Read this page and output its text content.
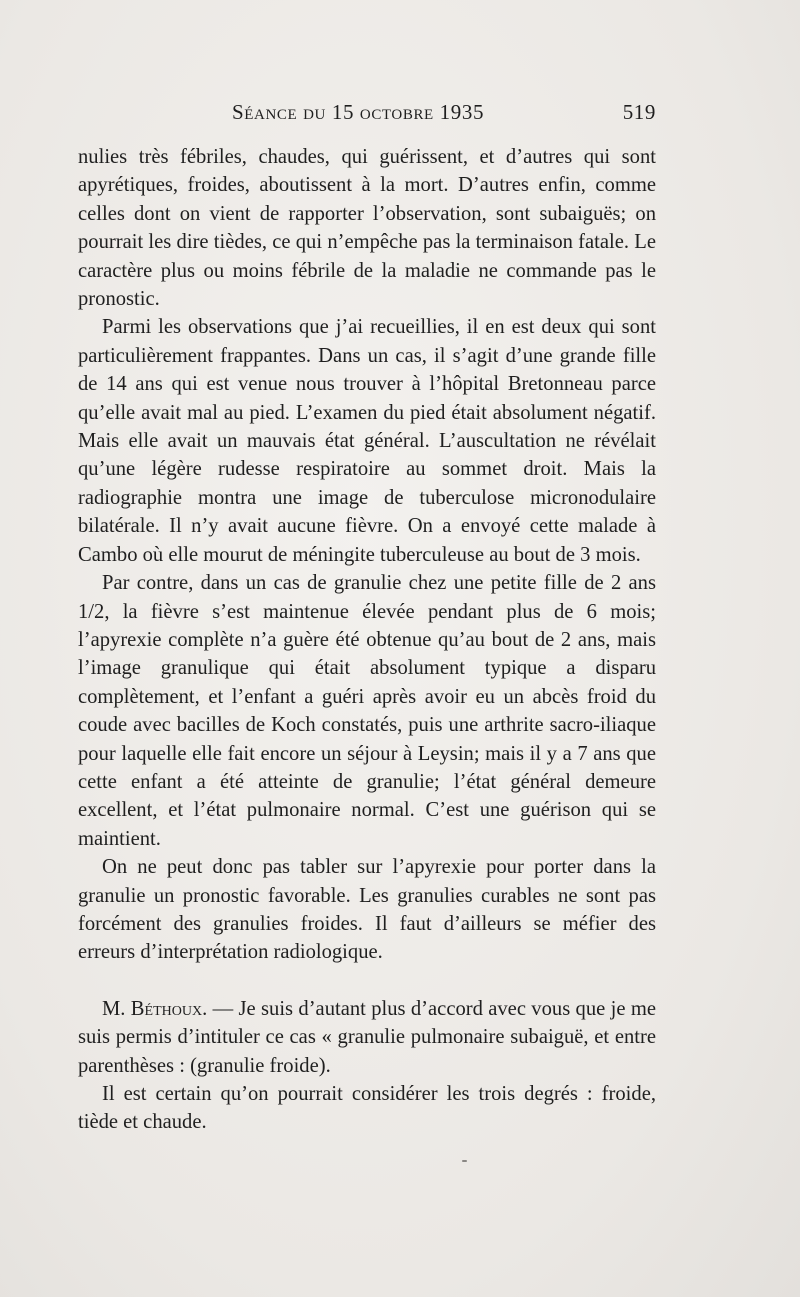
Séance du 15 octobre 1935	519

nulies très fébriles, chaudes, qui guérissent, et d’autres qui sont apyrétiques, froides, aboutissent à la mort. D’autres enfin, comme celles dont on vient de rapporter l’observation, sont subaiguës; on pourrait les dire tièdes, ce qui n’empêche pas la terminaison fatale. Le caractère plus ou moins fébrile de la maladie ne commande pas le pronostic.

Parmi les observations que j’ai recueillies, il en est deux qui sont particulièrement frappantes. Dans un cas, il s’agit d’une grande fille de 14 ans qui est venue nous trouver à l’hôpital Bretonneau parce qu’elle avait mal au pied. L’examen du pied était absolument négatif. Mais elle avait un mauvais état général. L’auscultation ne révélait qu’une légère rudesse respiratoire au sommet droit. Mais la radiographie montra une image de tuberculose micronodulaire bilatérale. Il n’y avait aucune fièvre. On a envoyé cette malade à Cambo où elle mourut de méningite tuberculeuse au bout de 3 mois.

Par contre, dans un cas de granulie chez une petite fille de 2 ans 1/2, la fièvre s’est maintenue élevée pendant plus de 6 mois; l’apyrexie complète n’a guère été obtenue qu’au bout de 2 ans, mais l’image granulique qui était absolument typique a disparu complètement, et l’enfant a guéri après avoir eu un abcès froid du coude avec bacilles de Koch constatés, puis une arthrite sacro-iliaque pour laquelle elle fait encore un séjour à Leysin; mais il y a 7 ans que cette enfant a été atteinte de granulie; l’état général demeure excellent, et l’état pulmonaire normal. C’est une guérison qui se maintient.

On ne peut donc pas tabler sur l’apyrexie pour porter dans la granulie un pronostic favorable. Les granulies curables ne sont pas forcément des granulies froides. Il faut d’ailleurs se méfier des erreurs d’interprétation radiologique.

M. Béthoux. — Je suis d’autant plus d’accord avec vous que je me suis permis d’intituler ce cas « granulie pulmonaire subaiguë, et entre parenthèses : (granulie froide).

Il est certain qu’on pourrait considérer les trois degrés : froide, tiède et chaude.
